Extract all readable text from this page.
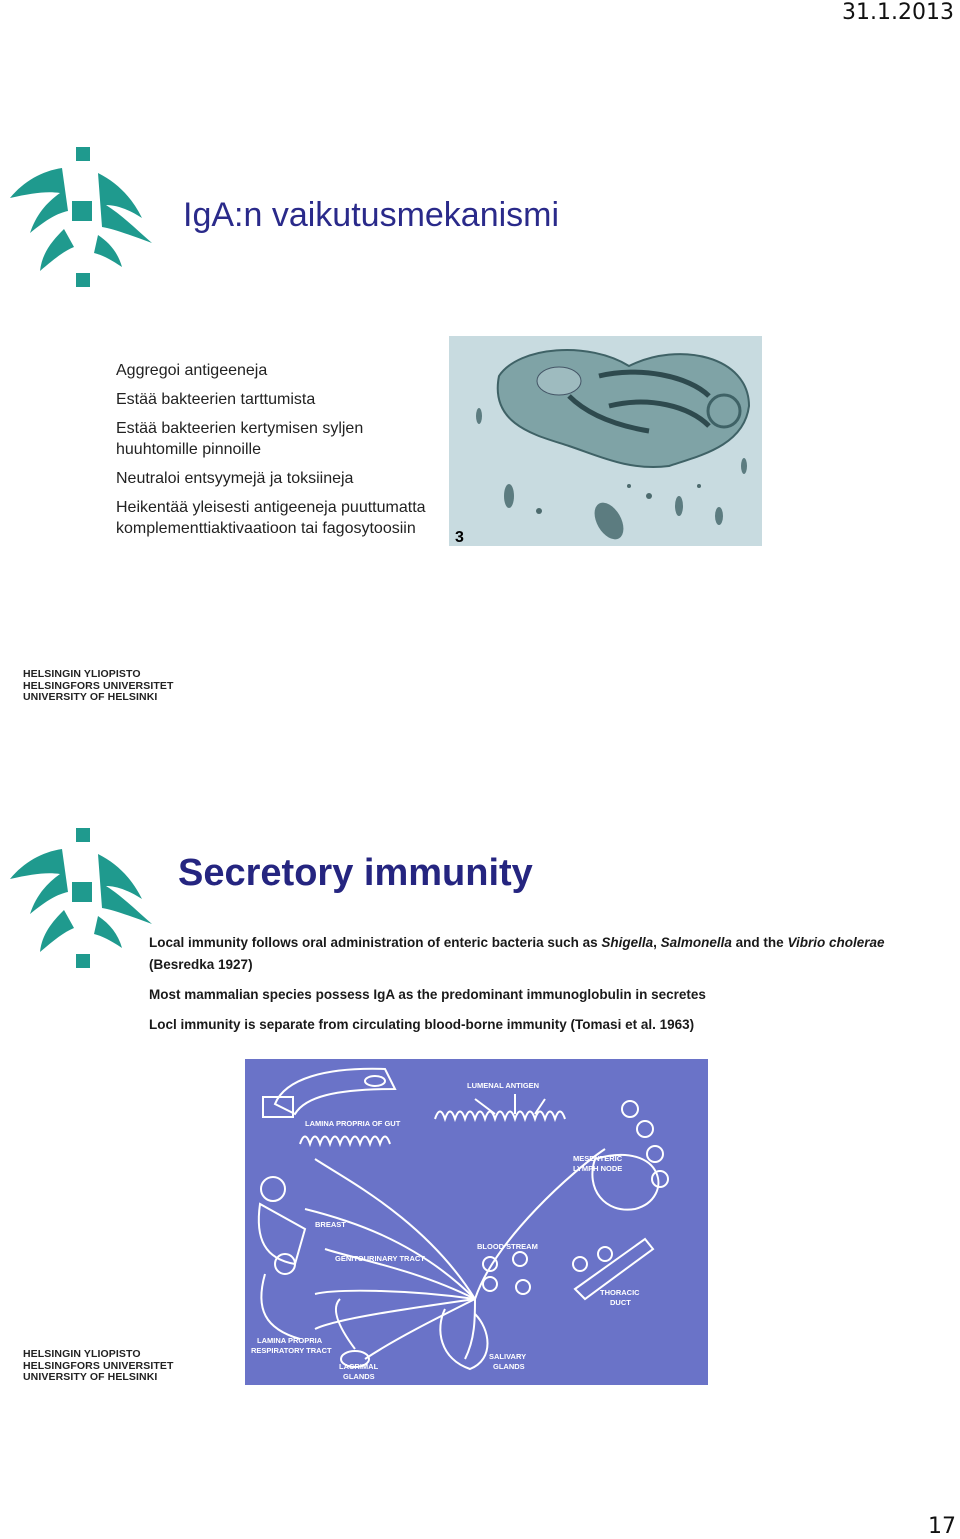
31.1.2013
IgA:n vaikutusmekanismi
Aggregoi antigeeneja
Estää bakteerien tarttumista
Estää bakteerien kertymisen syljen huuhtomille pinnoille
Neutraloi entsyymejä ja toksiineja
Heikentää yleisesti antigeeneja puuttumatta komplementtiaktivaatioon tai fagosytoosiin
3
HELSINGIN YLIOPISTO
HELSINGFORS UNIVERSITET
UNIVERSITY OF HELSINKI
Secretory immunity

Local immunity follows oral administration of enteric bacteria such as Shigella, Salmonella and the Vibrio cholerae (Besredka 1927)

Most mammalian species possess IgA as the predominant immunoglobulin in secretes

Locl immunity is separate from circulating blood-borne immunity (Tomasi et al. 1963)

LUMENAL ANTIGEN
LAMINA PROPRIA OF GUT
MESENTERIC
LYMPH NODE
BREAST
GENITOURINARY TRACT
BLOOD STREAM
THORACIC
DUCT
LAMINA PROPRIA
RESPIRATORY TRACT
SALIVARY
GLANDS
LACRIMAL
GLANDS
HELSINGIN YLIOPISTO
HELSINGFORS UNIVERSITET
UNIVERSITY OF HELSINKI
17
